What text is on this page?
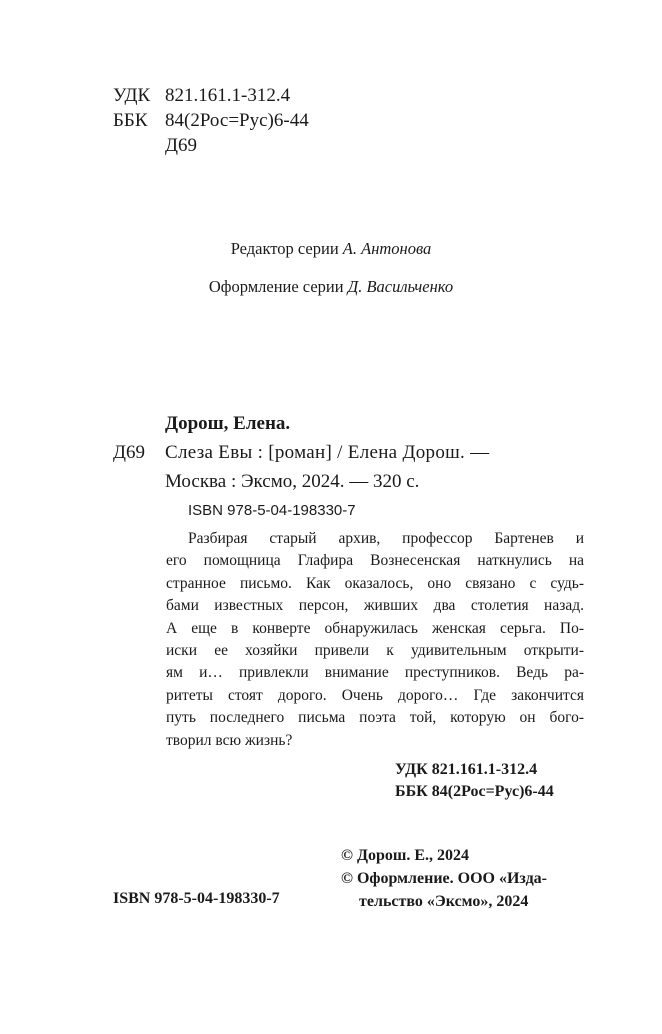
УДК 821.161.1-312.4
ББК 84(2Рос=Рус)6-44
Д69
Редактор серии А. Антонова
Оформление серии Д. Васильченко
Дорош, Елена.
Д69 Слеза Евы : [роман] / Елена Дорош. —
Москва : Эксмо, 2024. — 320 с.
ISBN 978-5-04-198330-7
Разбирая старый архив, профессор Бартенев и
его помощница Глафира Вознесенская наткнулись на
странное письмо. Как оказалось, оно связано с судь-
бами известных персон, живших два столетия назад.
А еще в конверте обнаружилась женская серьга. По-
иски ее хозяйки привели к удивительным открыти-
ям и… привлекли внимание преступников. Ведь ра-
ритеты стоят дорого. Очень дорого… Где закончится
путь последнего письма поэта той, которую он бого-
творил всю жизнь?
УДК 821.161.1-312.4
ББК 84(2Рос=Рус)6-44
ISBN 978-5-04-198330-7
© Дорош. Е., 2024
© Оформление. ООО «Изда-
тельство «Эксмо», 2024
